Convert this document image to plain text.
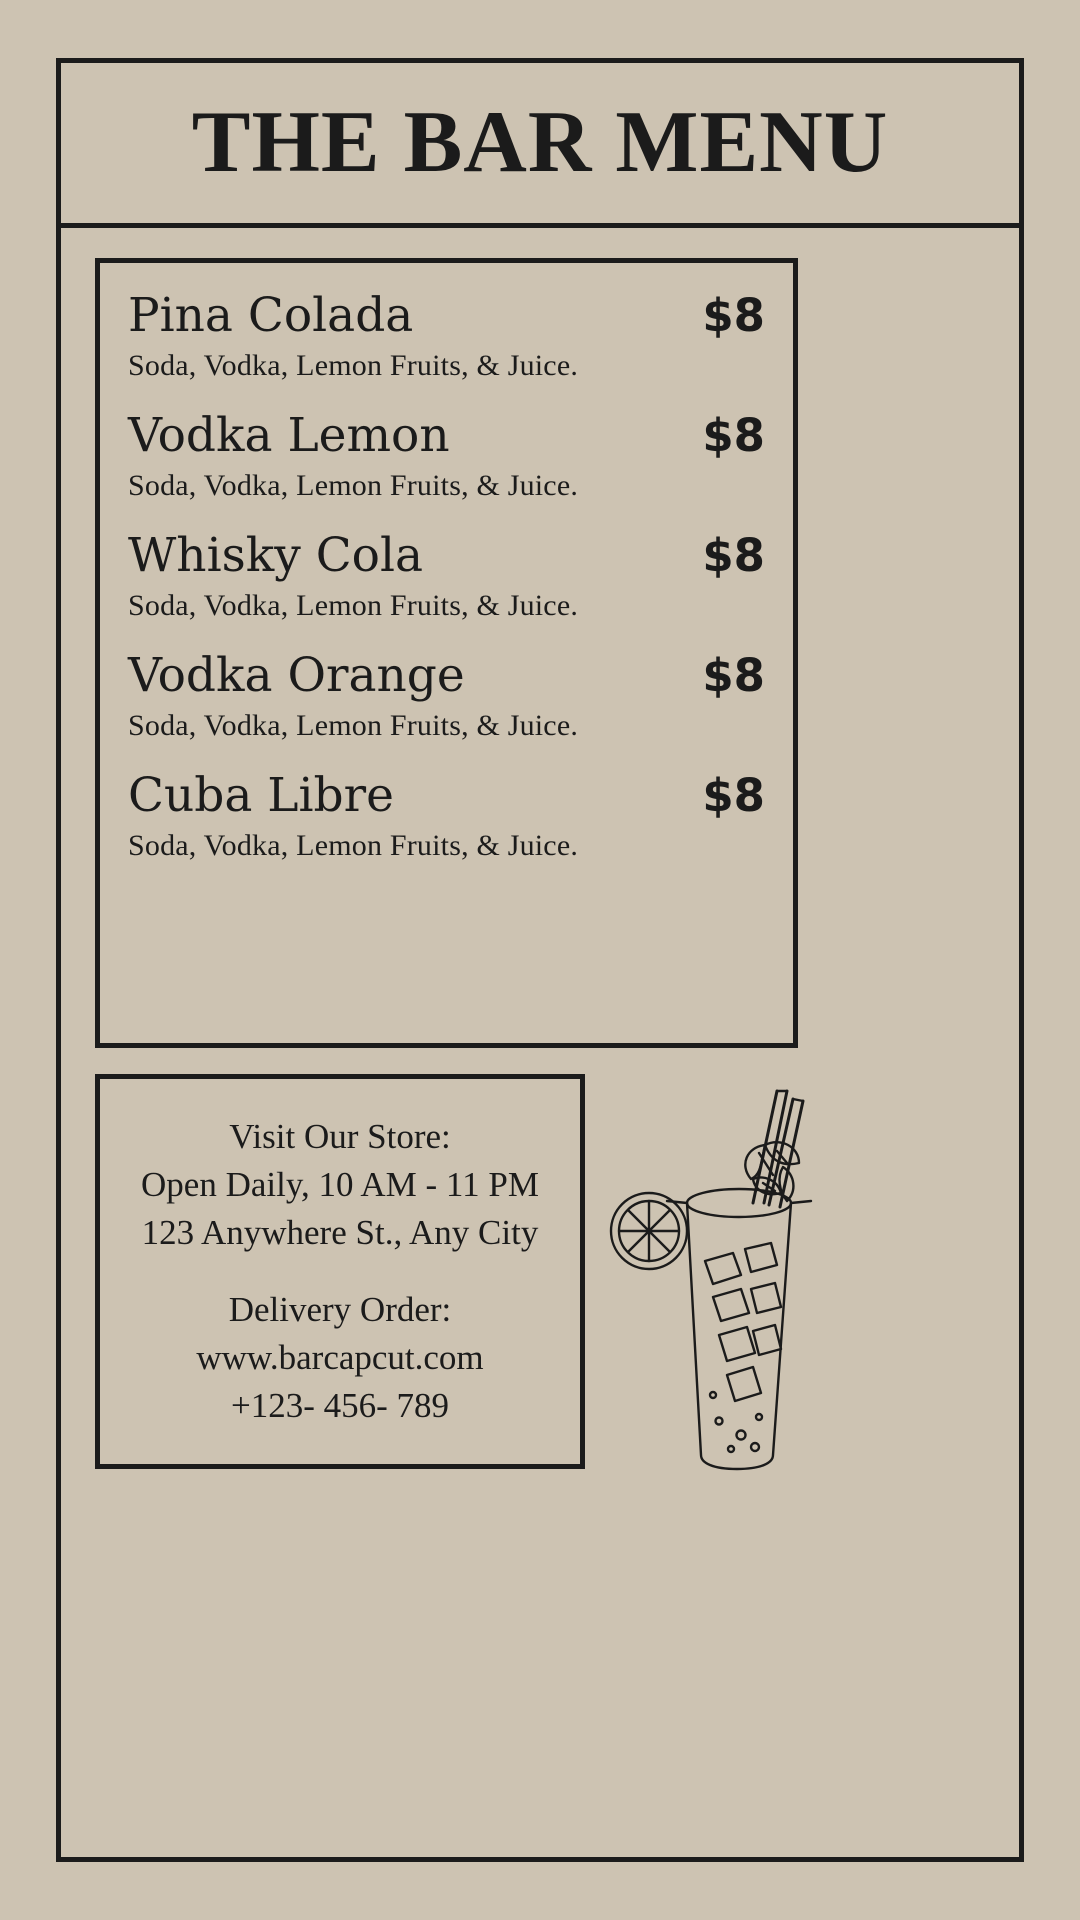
THE BAR MENU
Pina Colada	$8
Soda, Vodka, Lemon Fruits, & Juice.
Vodka Lemon	$8
Soda, Vodka, Lemon Fruits, & Juice.
Whisky Cola	$8
Soda, Vodka, Lemon Fruits, & Juice.
Vodka Orange	$8
Soda, Vodka, Lemon Fruits, & Juice.
Cuba Libre	$8
Soda, Vodka, Lemon Fruits, & Juice.
Visit Our Store:
Open Daily, 10 AM - 11 PM
123 Anywhere St., Any City
Delivery Order:
www.barcapcut.com
+123- 456- 789
